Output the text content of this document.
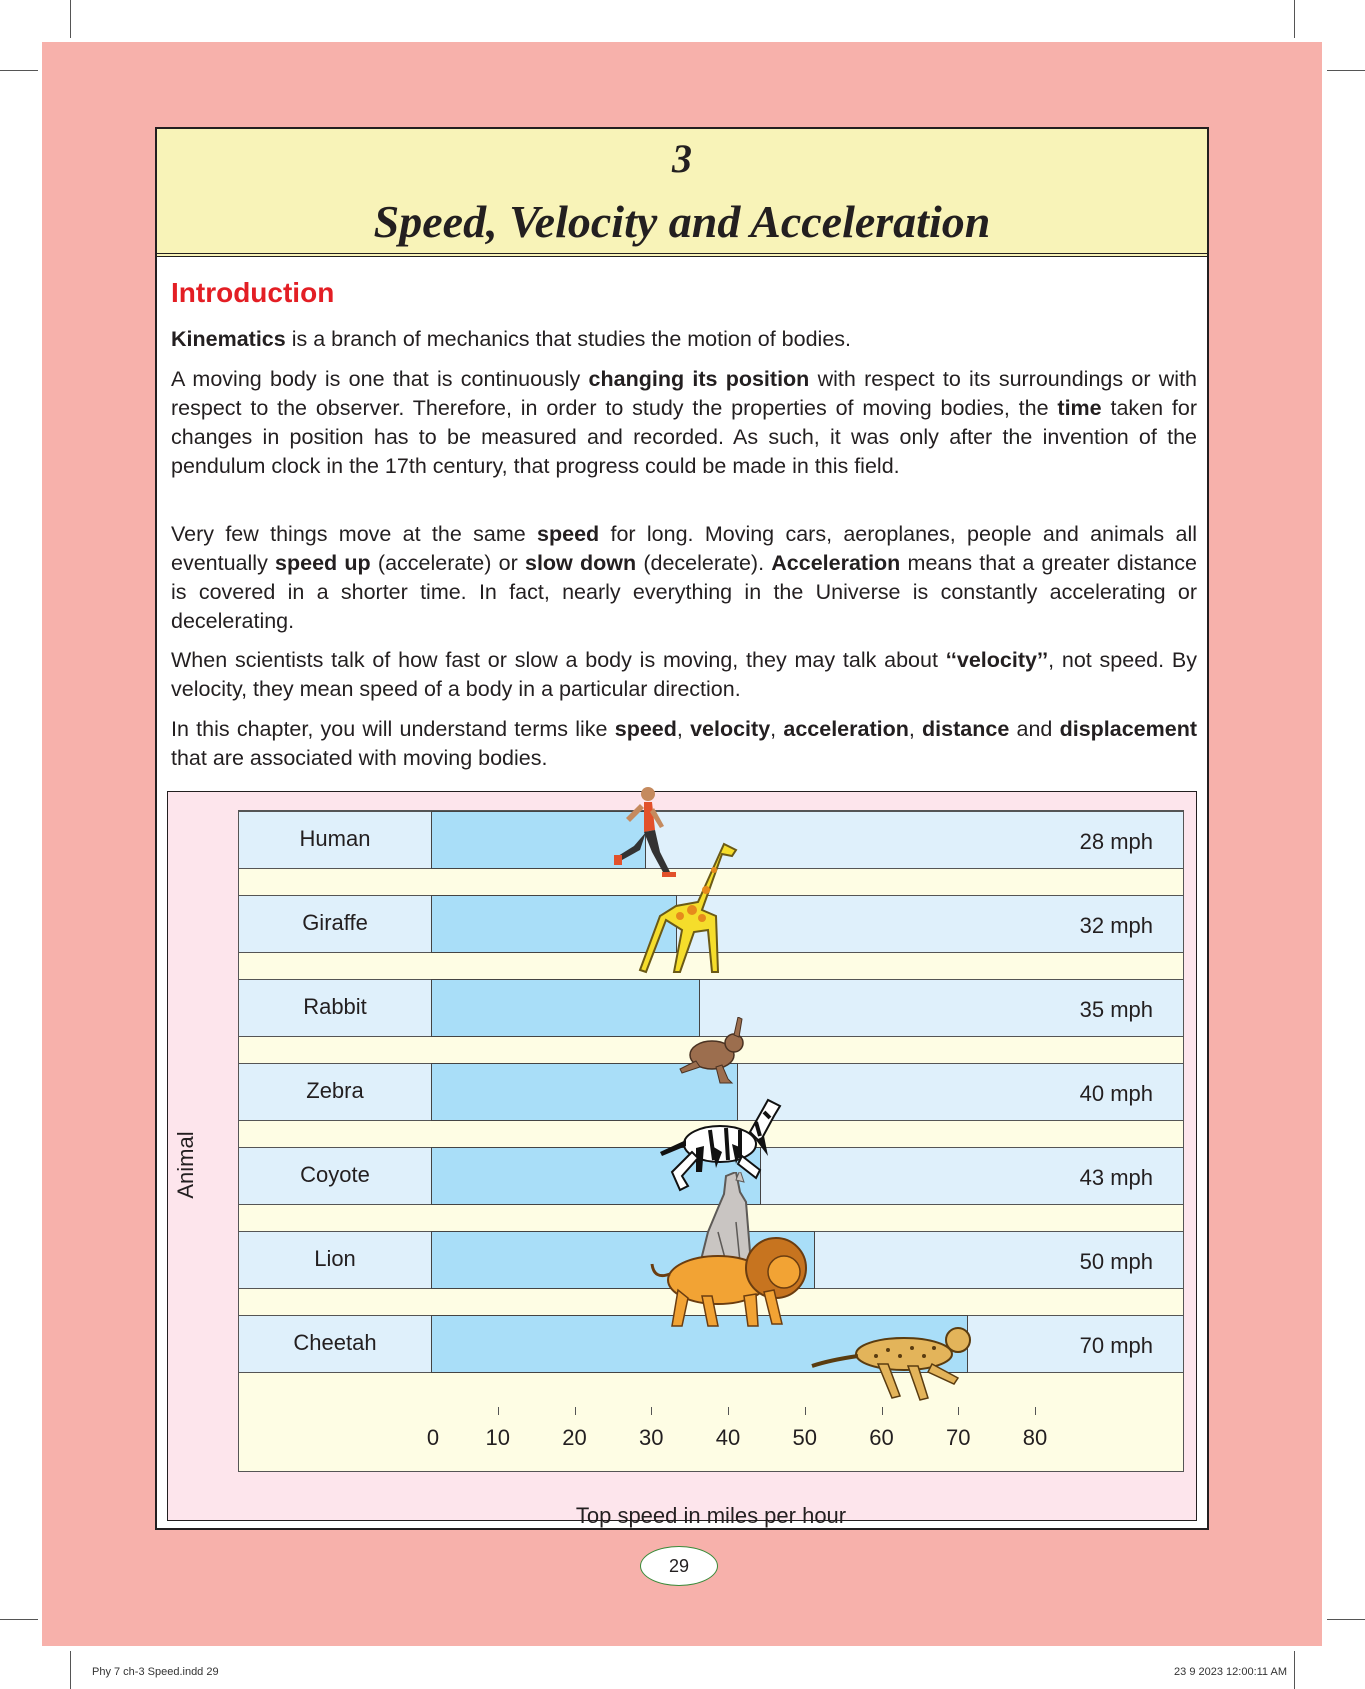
3
Speed, Velocity and Acceleration
Introduction
Kinematics is a branch of mechanics that studies the motion of bodies.
A moving body is one that is continuously changing its position with respect to its surroundings or with respect to the observer. Therefore, in order to study the properties of moving bodies, the time taken for changes in position has to be measured and recorded. As such, it was only after the invention of the pendulum clock in the 17th century, that progress could be made in this field.
Very few things move at the same speed for long. Moving cars, aeroplanes, people and animals all eventually speed up (accelerate) or slow down (decelerate). Acceleration means that a greater distance is covered in a shorter time. In fact, nearly everything in the Universe is constantly accelerating or decelerating.
When scientists talk of how fast or slow a body is moving, they may talk about ‘‘velocity’’, not speed. By velocity, they mean speed of a body in a particular direction.
In this chapter, you will understand terms like speed, velocity, acceleration, distance and displacement that are associated with moving bodies.
Animal
Top speed in miles per hour
Human	28 mph
Giraffe	32 mph
Rabbit	35 mph
Zebra	40 mph
Coyote	43 mph
Lion	50 mph
Cheetah	70 mph
0	10	20	30	40	50	60	70	80
29
Phy 7 ch-3 Speed.indd 29	23 9 2023 12:00:11 AM
